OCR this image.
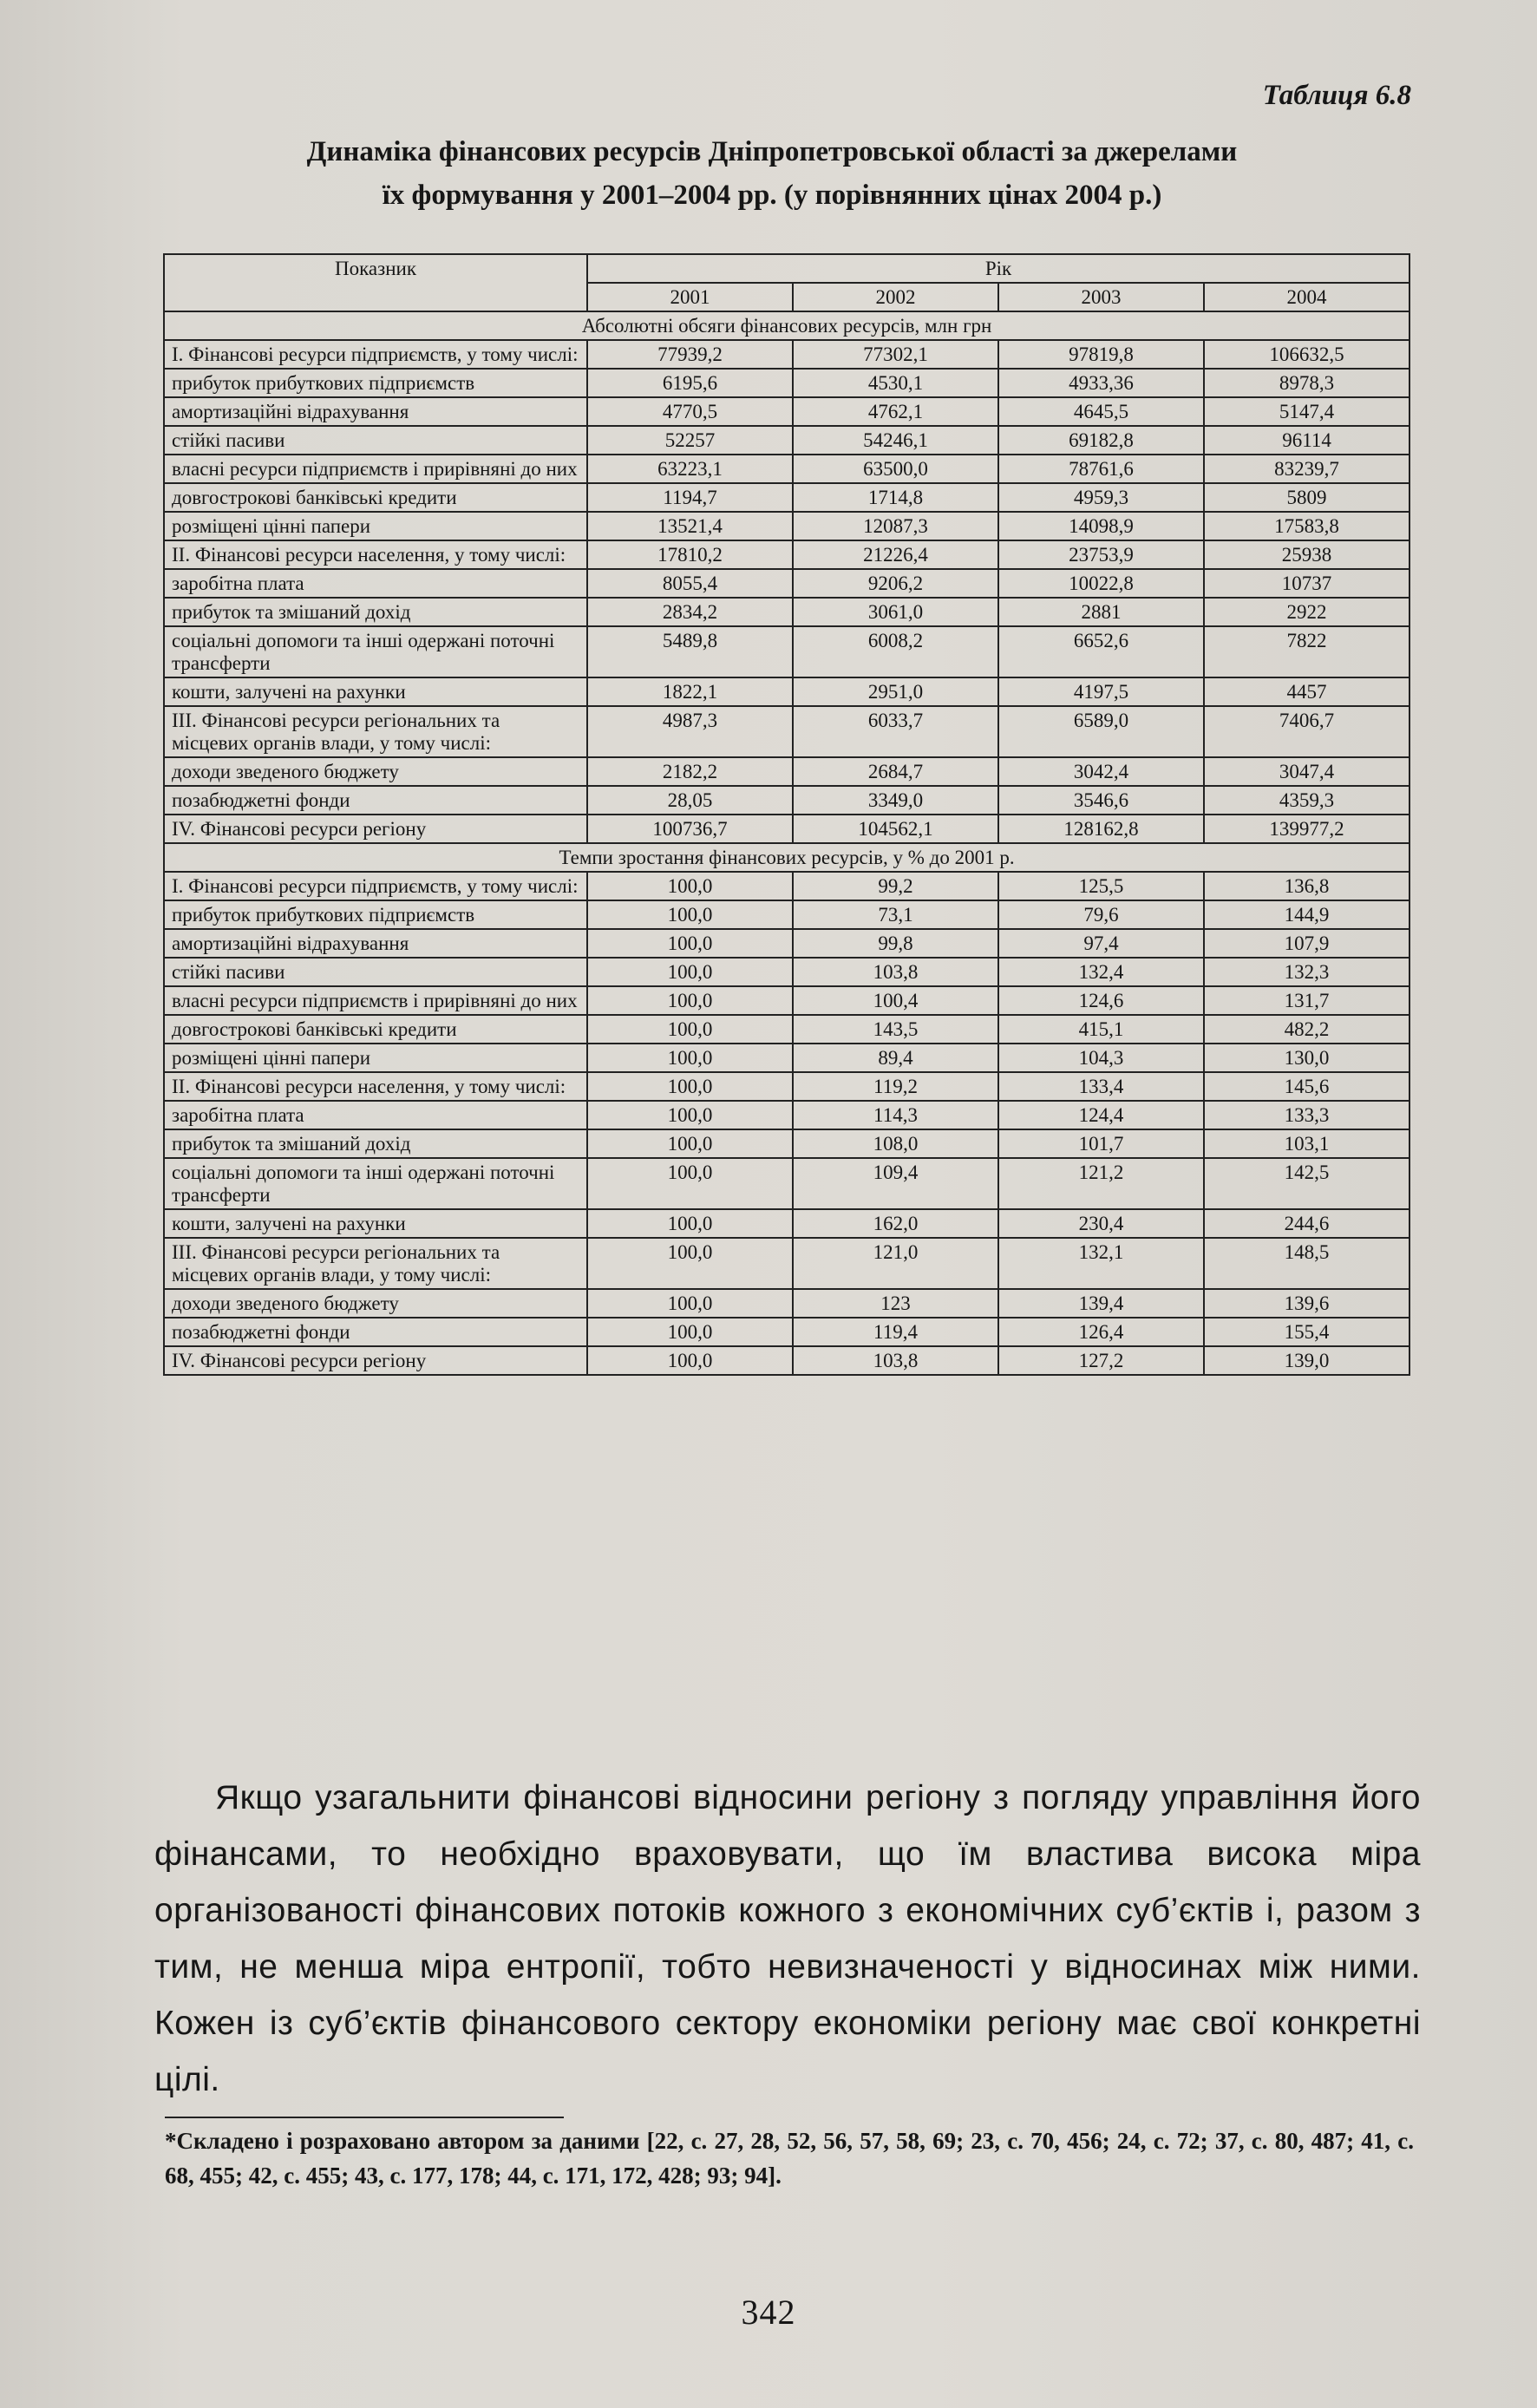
Таблиця 6.8
Динаміка фінансових ресурсів Дніпропетровської області за джерелами
їх формування у 2001–2004 рр. (у порівнянних цінах 2004 р.)
Показник	Рік			
	2001	2002	2003	2004
Абсолютні обсяги фінансових ресурсів, млн грн				
I. Фінансові ресурси підприємств, у тому числі:	77939,2	77302,1	97819,8	106632,5
прибуток прибуткових підприємств	6195,6	4530,1	4933,36	8978,3
амортизаційні відрахування	4770,5	4762,1	4645,5	5147,4
стійкі пасиви	52257	54246,1	69182,8	96114
власні ресурси підприємств і прирівняні до них	63223,1	63500,0	78761,6	83239,7
довгострокові банківські кредити	1194,7	1714,8	4959,3	5809
розміщені цінні папери	13521,4	12087,3	14098,9	17583,8
II. Фінансові ресурси населення, у тому числі:	17810,2	21226,4	23753,9	25938
заробітна плата	8055,4	9206,2	10022,8	10737
прибуток та змішаний дохід	2834,2	3061,0	2881	2922
соціальні допомоги та інші одержані поточні трансферти	5489,8	6008,2	6652,6	7822
кошти, залучені на рахунки	1822,1	2951,0	4197,5	4457
III. Фінансові ресурси регіональних та місцевих органів влади, у тому числі:	4987,3	6033,7	6589,0	7406,7
доходи зведеного бюджету	2182,2	2684,7	3042,4	3047,4
позабюджетні фонди	28,05	3349,0	3546,6	4359,3
IV. Фінансові ресурси регіону	100736,7	104562,1	128162,8	139977,2
Темпи зростання фінансових ресурсів, у % до 2001 р.				
I. Фінансові ресурси підприємств, у тому числі:	100,0	99,2	125,5	136,8
прибуток прибуткових підприємств	100,0	73,1	79,6	144,9
амортизаційні відрахування	100,0	99,8	97,4	107,9
стійкі пасиви	100,0	103,8	132,4	132,3
власні ресурси підприємств і прирівняні до них	100,0	100,4	124,6	131,7
довгострокові банківські кредити	100,0	143,5	415,1	482,2
розміщені цінні папери	100,0	89,4	104,3	130,0
II. Фінансові ресурси населення, у тому числі:	100,0	119,2	133,4	145,6
заробітна плата	100,0	114,3	124,4	133,3
прибуток та змішаний дохід	100,0	108,0	101,7	103,1
соціальні допомоги та інші одержані поточні трансферти	100,0	109,4	121,2	142,5
кошти, залучені на рахунки	100,0	162,0	230,4	244,6
III. Фінансові ресурси регіональних та місцевих органів влади, у тому числі:	100,0	121,0	132,1	148,5
доходи зведеного бюджету	100,0	123	139,4	139,6
позабюджетні фонди	100,0	119,4	126,4	155,4
IV. Фінансові ресурси регіону	100,0	103,8	127,2	139,0
Якщо узагальнити фінансові відносини регіону з погляду управління його фінансами, то необхідно враховувати, що їм властива висока міра організованості фінансових потоків кожного з економічних суб’єктів і, разом з тим, не менша міра ентропії, тобто невизначеності у відносинах між ними. Кожен із суб’єктів фінансового сектору економіки регіону має свої конкретні цілі.
*Складено і розраховано автором за даними [22, с. 27, 28, 52, 56, 57, 58, 69; 23, с. 70, 456; 24, с. 72; 37, с. 80, 487; 41, с. 68, 455; 42, с. 455; 43, с. 177, 178; 44, с. 171, 172, 428; 93; 94].
342
